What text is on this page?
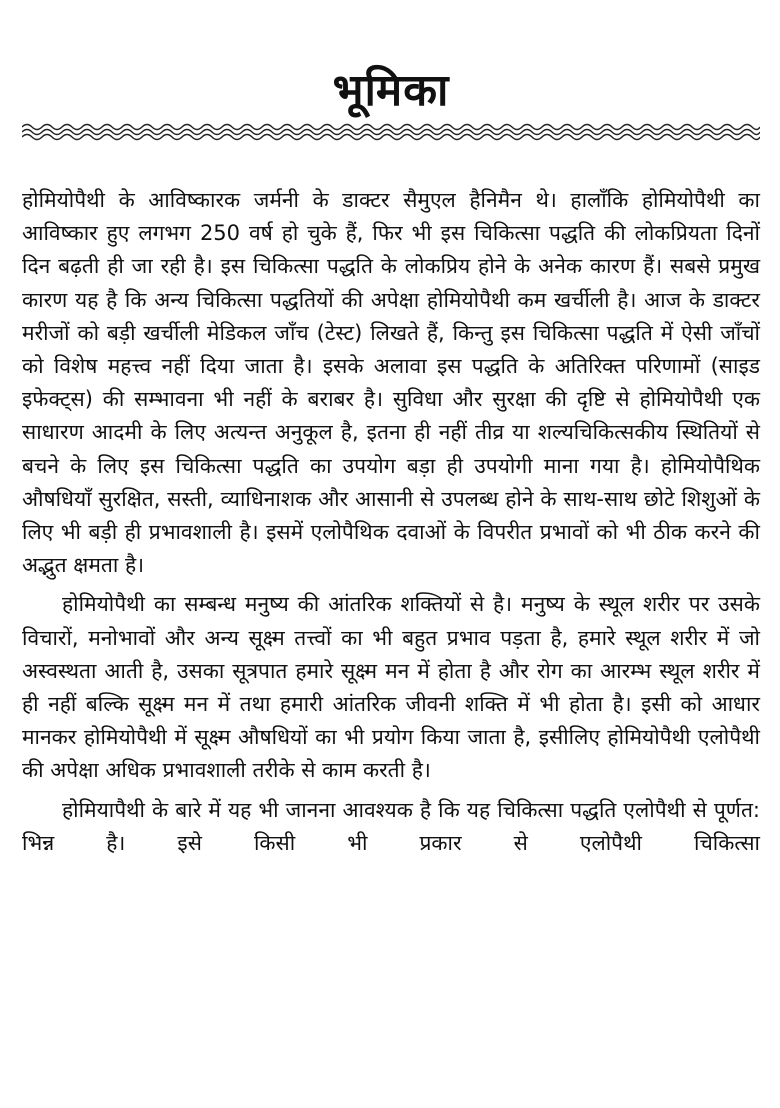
भूमिका

होमियोपैथी के आविष्कारक जर्मनी के डाक्टर सैमुएल हैनिमैन थे। हालाँकि होमियोपैथी का आविष्कार हुए लगभग 250 वर्ष हो चुके हैं, फिर भी इस चिकित्सा पद्धति की लोकप्रियता दिनों दिन बढ़ती ही जा रही है। इस चिकित्सा पद्धति के लोकप्रिय होने के अनेक कारण हैं। सबसे प्रमुख कारण यह है कि अन्य चिकित्सा पद्धतियों की अपेक्षा होमियोपैथी कम खर्चीली है। आज के डाक्टर मरीजों को बड़ी खर्चीली मेडिकल जाँच (टेस्ट) लिखते हैं, किन्तु इस चिकित्सा पद्धति में ऐसी जाँचों को विशेष महत्त्व नहीं दिया जाता है। इसके अलावा इस पद्धति के अतिरिक्त परिणामों (साइड इफेक्ट्स) की सम्भावना भी नहीं के बराबर है। सुविधा और सुरक्षा की दृष्टि से होमियोपैथी एक साधारण आदमी के लिए अत्यन्त अनुकूल है, इतना ही नहीं तीव्र या शल्यचिकित्सकीय स्थितियों से बचने के लिए इस चिकित्सा पद्धति का उपयोग बड़ा ही उपयोगी माना गया है। होमियोपैथिक औषधियाँ सुरक्षित, सस्ती, व्याधिनाशक और आसानी से उपलब्ध होने के साथ-साथ छोटे शिशुओं के लिए भी बड़ी ही प्रभावशाली है। इसमें एलोपैथिक दवाओं के विपरीत प्रभावों को भी ठीक करने की अद्भुत क्षमता है।

होमियोपैथी का सम्बन्ध मनुष्य की आंतरिक शक्तियों से है। मनुष्य के स्थूल शरीर पर उसके विचारों, मनोभावों और अन्य सूक्ष्म तत्त्वों का भी बहुत प्रभाव पड़ता है, हमारे स्थूल शरीर में जो अस्वस्थता आती है, उसका सूत्रपात हमारे सूक्ष्म मन में होता है और रोग का आरम्भ स्थूल शरीर में ही नहीं बल्कि सूक्ष्म मन में तथा हमारी आंतरिक जीवनी शक्ति में भी होता है। इसी को आधार मानकर होमियोपैथी में सूक्ष्म औषधियों का भी प्रयोग किया जाता है, इसीलिए होमियोपैथी एलोपैथी की अपेक्षा अधिक प्रभावशाली तरीके से काम करती है।

होमियापैथी के बारे में यह भी जानना आवश्यक है कि यह चिकित्सा पद्धति एलोपैथी से पूर्णत: भिन्न है। इसे किसी भी प्रकार से एलोपैथी चिकित्सा
